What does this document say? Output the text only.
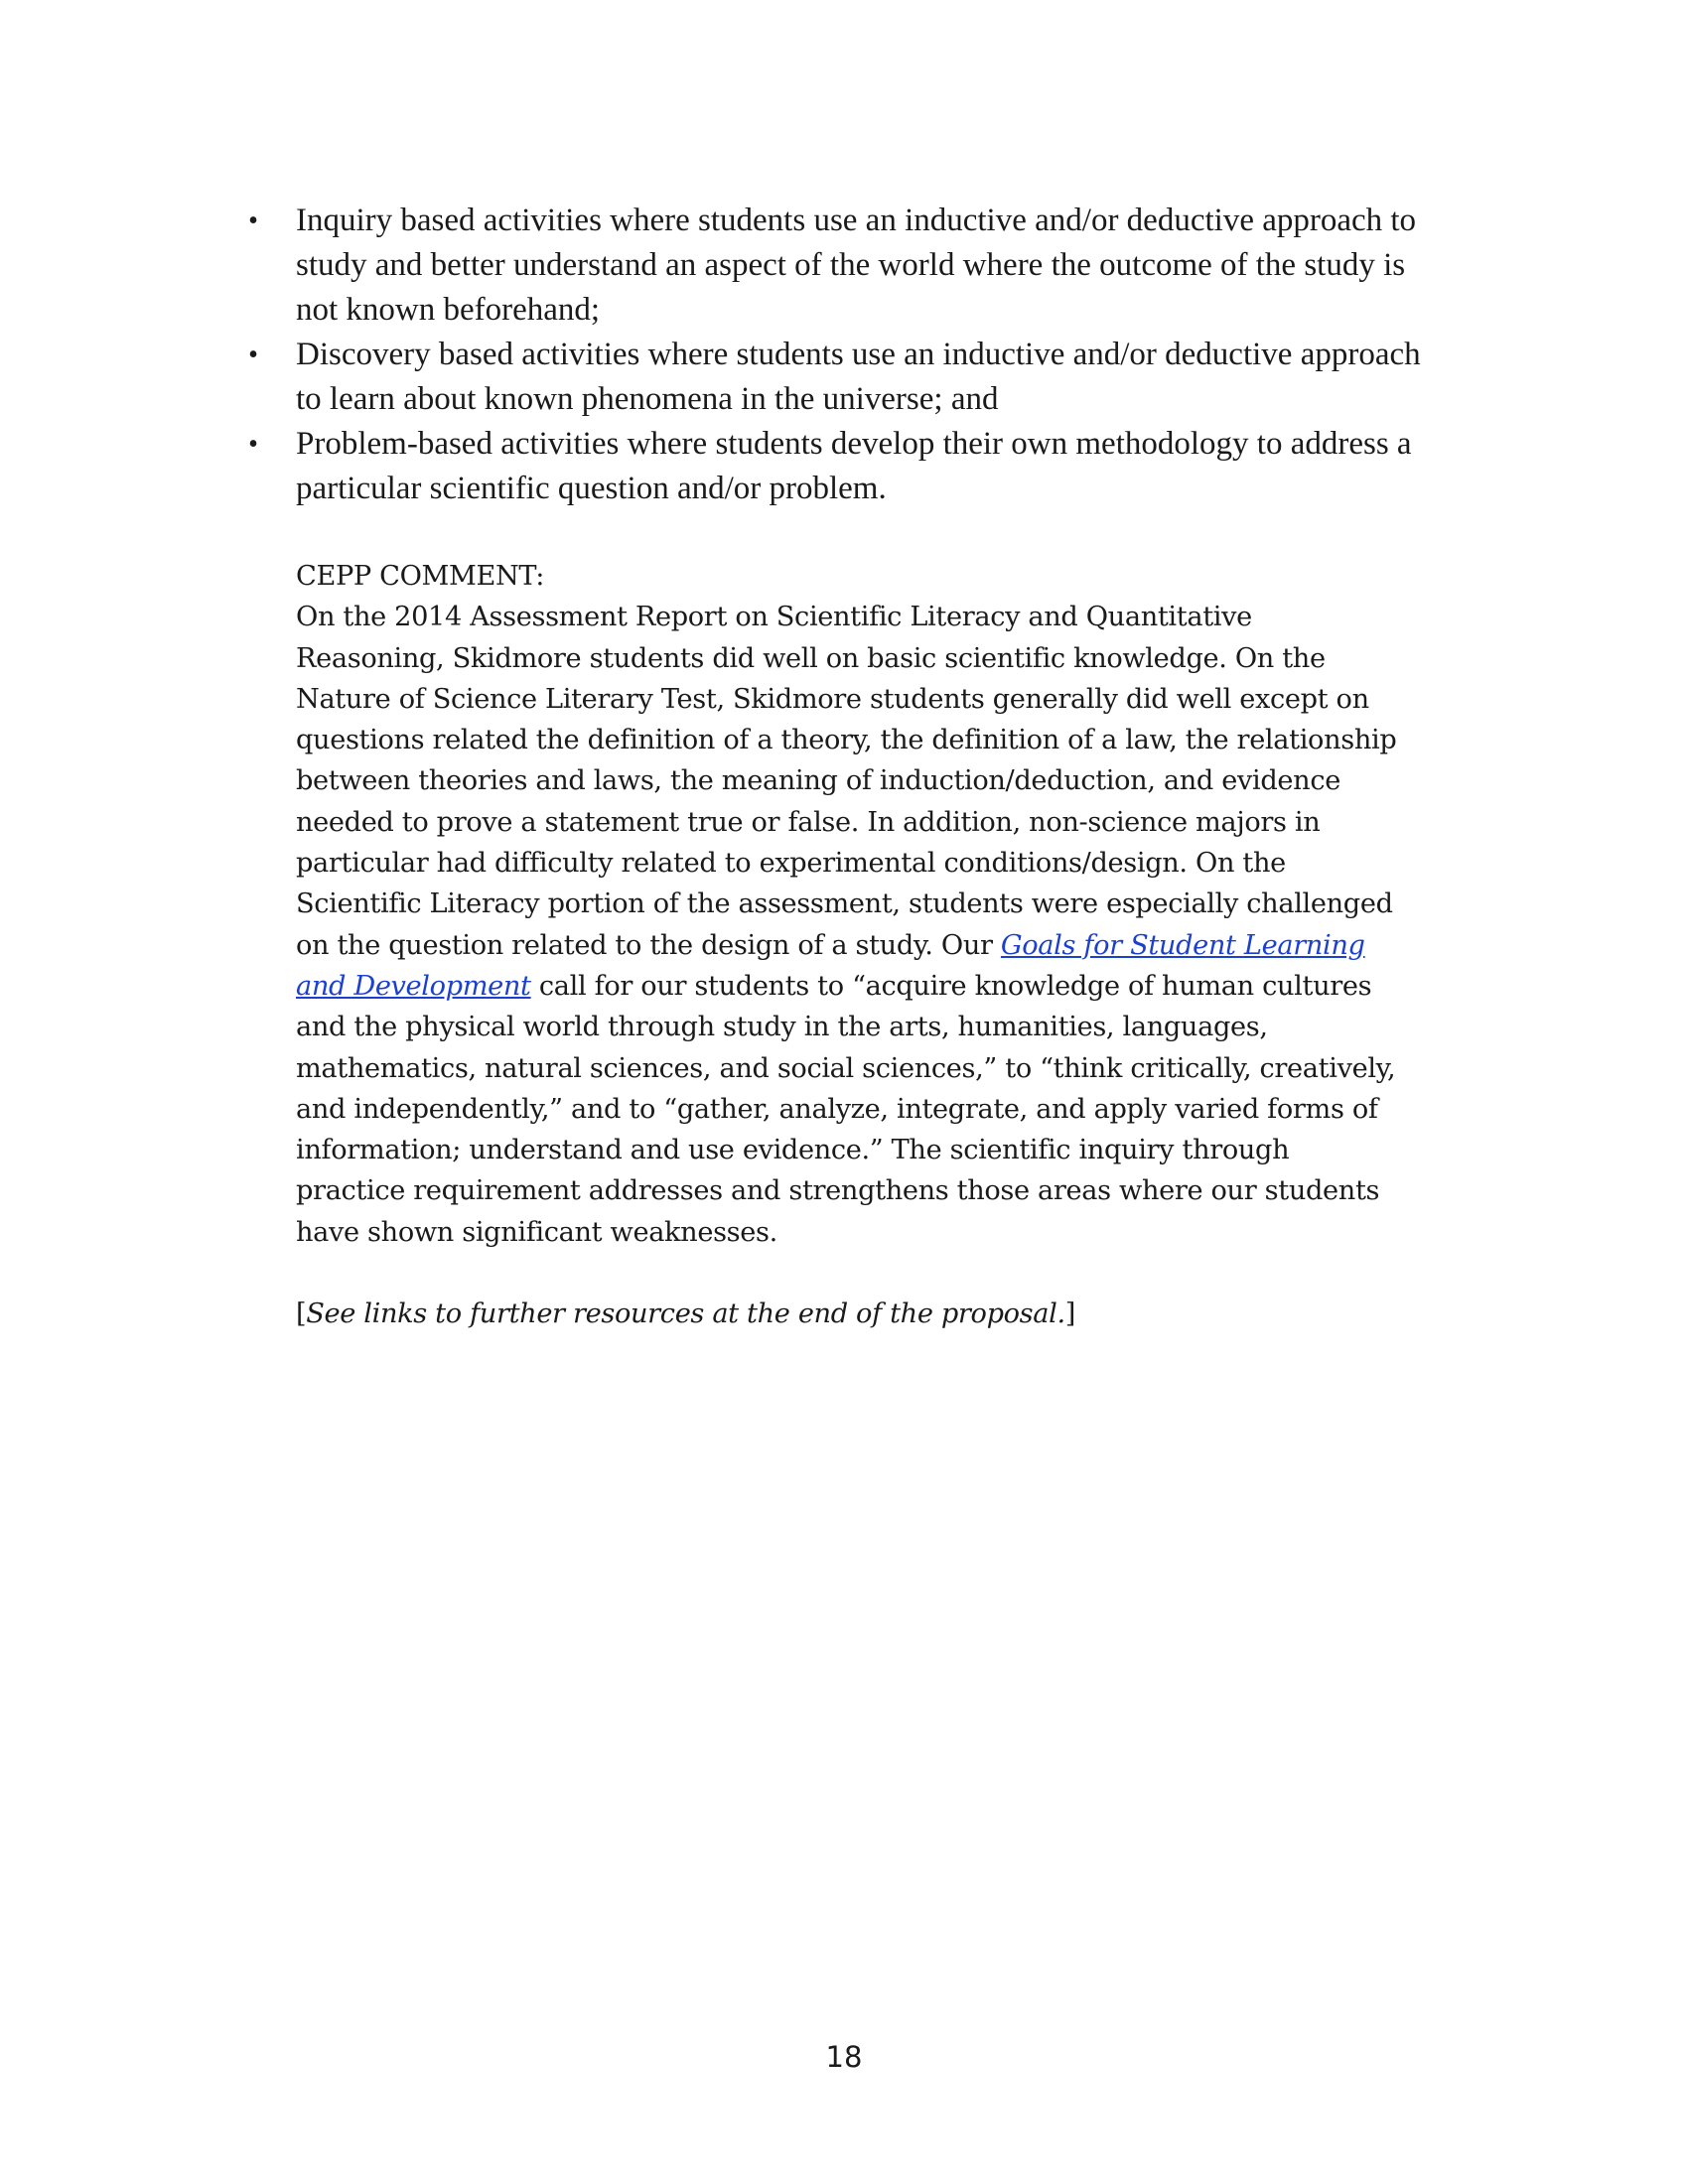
• Inquiry based activities where students use an inductive and/or deductive approach to study and better understand an aspect of the world where the outcome of the study is not known beforehand;
• Discovery based activities where students use an inductive and/or deductive approach to learn about known phenomena in the universe; and
• Problem-based activities where students develop their own methodology to address a particular scientific question and/or problem.

CEPP COMMENT:

On the 2014 Assessment Report on Scientific Literacy and Quantitative Reasoning, Skidmore students did well on basic scientific knowledge. On the Nature of Science Literary Test, Skidmore students generally did well except on questions related the definition of a theory, the definition of a law, the relationship between theories and laws, the meaning of induction/deduction, and evidence needed to prove a statement true or false. In addition, non-science majors in particular had difficulty related to experimental conditions/design. On the Scientific Literacy portion of the assessment, students were especially challenged on the question related to the design of a study. Our Goals for Student Learning and Development call for our students to “acquire knowledge of human cultures and the physical world through study in the arts, humanities, languages, mathematics, natural sciences, and social sciences,” to “think critically, creatively, and independently,” and to “gather, analyze, integrate, and apply varied forms of information; understand and use evidence.” The scientific inquiry through practice requirement addresses and strengthens those areas where our students have shown significant weaknesses.

[See links to further resources at the end of the proposal.]

18
